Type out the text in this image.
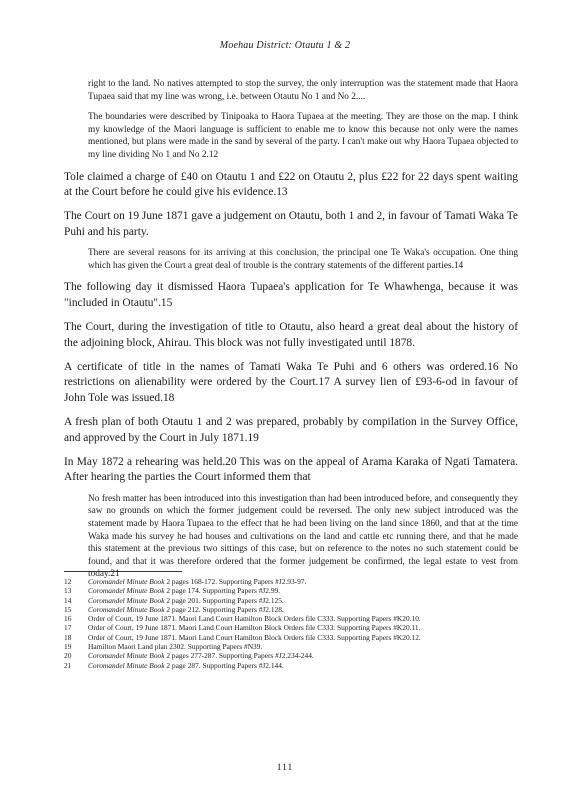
Moehau District: Otautu 1 & 2

right to the land. No natives attempted to stop the survey, the only interruption was the statement made that Haora Tupaea said that my line was wrong, i.e. between Otautu No 1 and No 2....

The boundaries were described by Tinipoaka to Haora Tupaea at the meeting. They are those on the map. I think my knowledge of the Maori language is sufficient to enable me to know this because not only were the names mentioned, but plans were made in the sand by several of the party. I can't make out why Haora Tupaea objected to my line dividing No 1 and No 2.12

Tole claimed a charge of £40 on Otautu 1 and £22 on Otautu 2, plus £22 for 22 days spent waiting at the Court before he could give his evidence.13

The Court on 19 June 1871 gave a judgement on Otautu, both 1 and 2, in favour of Tamati Waka Te Puhi and his party.

There are several reasons for its arriving at this conclusion, the principal one Te Waka's occupation. One thing which has given the Court a great deal of trouble is the contrary statements of the different parties.14

The following day it dismissed Haora Tupaea's application for Te Whawhenga, because it was "included in Otautu".15

The Court, during the investigation of title to Otautu, also heard a great deal about the history of the adjoining block, Ahirau. This block was not fully investigated until 1878.

A certificate of title in the names of Tamati Waka Te Puhi and 6 others was ordered.16 No restrictions on alienability were ordered by the Court.17 A survey lien of £93-6-od in favour of John Tole was issued.18

A fresh plan of both Otautu 1 and 2 was prepared, probably by compilation in the Survey Office, and approved by the Court in July 1871.19

In May 1872 a rehearing was held.20 This was on the appeal of Arama Karaka of Ngati Tamatera. After hearing the parties the Court informed them that

No fresh matter has been introduced into this investigation than had been introduced before, and consequently they saw no grounds on which the former judgement could be reversed. The only new subject introduced was the statement made by Haora Tupaea to the effect that he had been living on the land since 1860, and that at the time Waka made his survey he had houses and cultivations on the land and cattle etc running there, and that he made this statement at the previous two sittings of this case, but on reference to the notes no such statement could be found, and that it was therefore ordered that the former judgement be confirmed, the legal estate to vest from today.21

12	Coromandel Minute Book 2 pages 168-172. Supporting Papers #J2.93-97.
13	Coromandel Minute Book 2 page 174. Supporting Papers #J2.99.
14	Coromandel Minute Book 2 page 201. Supporting Papers #J2.125.
15	Coromandel Minute Book 2 page 212. Supporting Papers #J2.128.
16	Order of Court, 19 June 1871. Maori Land Court Hamilton Block Orders file C333. Supporting Papers #K20.10.
17	Order of Court, 19 June 1871. Maori Land Court Hamilton Block Orders file C333. Supporting Papers #K20.11.
18	Order of Court, 19 June 1871. Maori Land Court Hamilton Block Orders file C333. Supporting Papers #K20.12.
19	Hamilton Maori Land plan 2302. Supporting Papers #N39.
20	Coromandel Minute Book 2 pages 277-287. Supporting Papers #J2.234-244.
21	Coromandel Minute Book 2 page 287. Supporting Papers #J2.144.
111
